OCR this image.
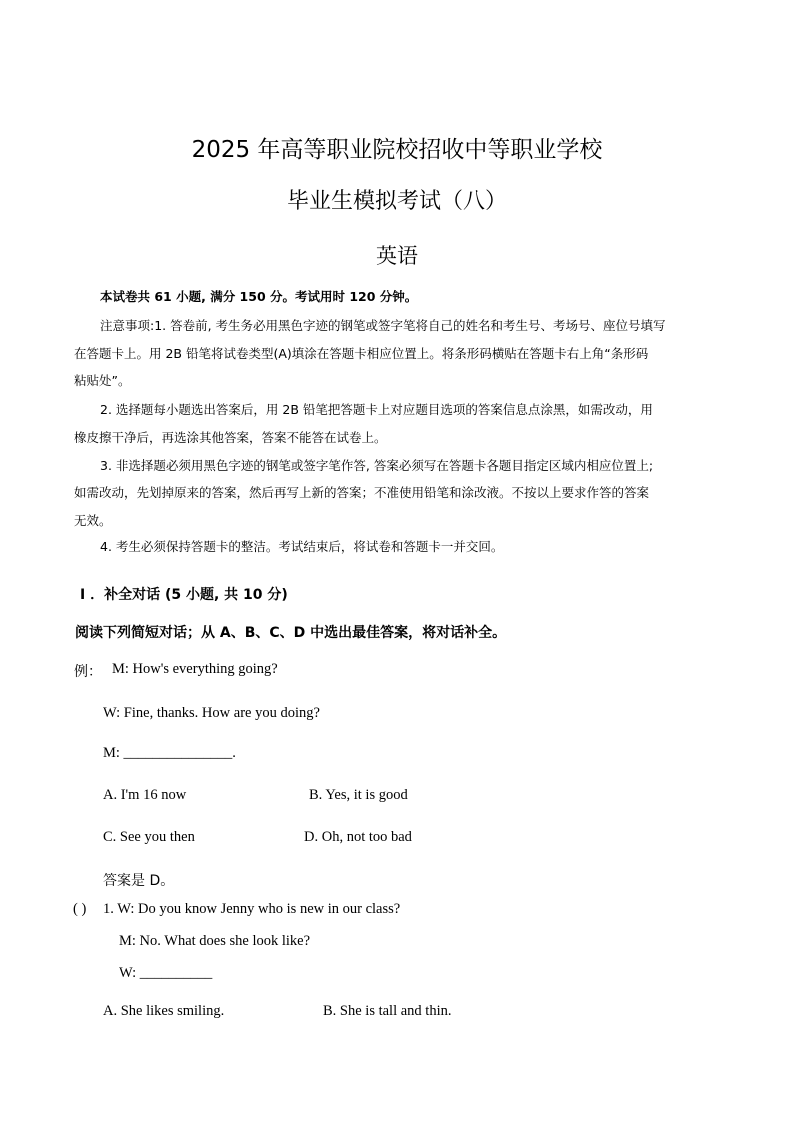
2025 年高等职业院校招收中等职业学校
毕业生模拟考试（八）
英语
本试卷共 61 小题, 满分 150 分。考试用时 120 分钟。
注意事项:1. 答卷前, 考生务必用黑色字迹的钢笔或签字笔将自己的姓名和考生号、考场号、座位号填写
在答题卡上。用 2B 铅笔将试卷类型(A)填涂在答题卡相应位置上。将条形码横贴在答题卡右上角“条形码
粘贴处”。
2. 选择题每小题选出答案后，用 2B 铅笔把答题卡上对应题目选项的答案信息点涂黑，如需改动，用
橡皮擦干净后，再选涂其他答案，答案不能答在试卷上。
3. 非选择题必须用黑色字迹的钢笔或签字笔作答, 答案必须写在答题卡各题目指定区域内相应位置上;
如需改动，先划掉原来的答案，然后再写上新的答案；不准使用铅笔和涂改液。不按以上要求作答的答案
无效。
4. 考生必须保持答题卡的整洁。考试结束后，将试卷和答题卡一并交回。
Ⅰ ．补全对话 (5 小题, 共 10 分)
阅读下列简短对话；从 A、B、C、D 中选出最佳答案，将对话补全。
例： M: How's everything going?
W: Fine, thanks. How are you doing?
M: _______________.
A. I'm 16 now	B. Yes, it is good
C. See you then	D. Oh, not too bad
答案是 D。
( ) 1. W: Do you know Jenny who is new in our class?
M: No. What does she look like?
W: __________
A. She likes smiling.	B. She is tall and thin.
